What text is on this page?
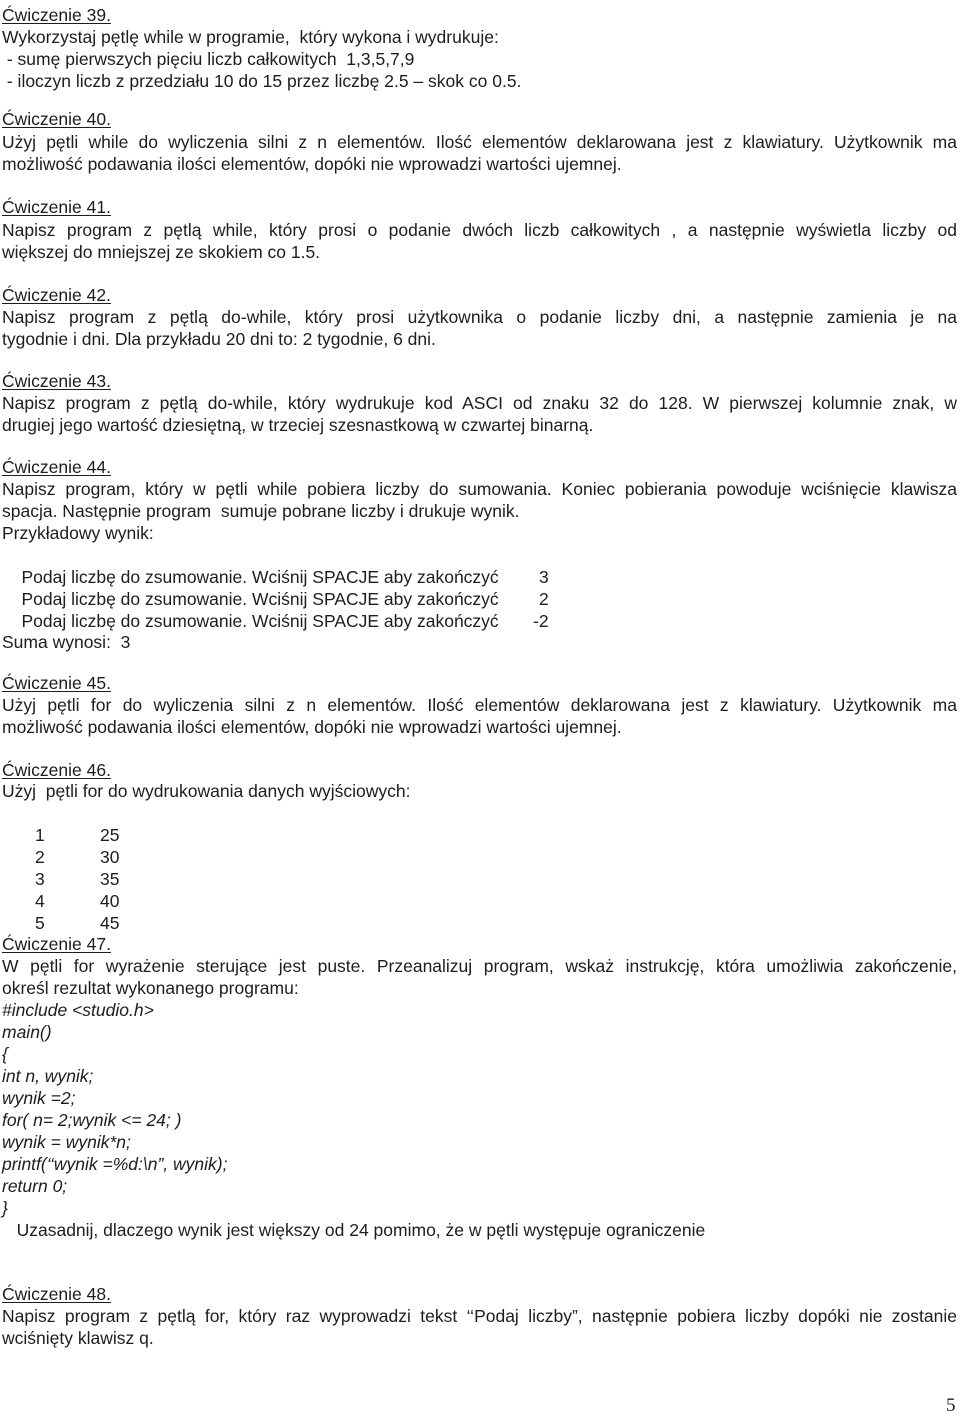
Ćwiczenie 39.
Wykorzystaj pętlę while w programie,  który wykona i wydrukuje:
- sumę pierwszych pięciu liczb całkowitych  1,3,5,7,9
- iloczyn liczb z przedziału 10 do 15 przez liczbę 2.5 – skok co 0.5.
Ćwiczenie 40.
Użyj pętli while do wyliczenia silni z n elementów. Ilość elementów deklarowana jest z klawiatury. Użytkownik ma
możliwość podawania ilości elementów, dopóki nie wprowadzi wartości ujemnej.
Ćwiczenie 41.
Napisz program z pętlą while, który prosi o podanie dwóch liczb całkowitych , a następnie wyświetla liczby od
większej do mniejszej ze skokiem co 1.5.
Ćwiczenie 42.
Napisz program z pętlą do-while, który prosi użytkownika o podanie liczby dni, a następnie zamienia je na
tygodnie i dni. Dla przykładu 20 dni to: 2 tygodnie, 6 dni.
Ćwiczenie 43.
Napisz program z pętlą do-while, który wydrukuje kod ASCI od znaku 32 do 128. W pierwszej kolumnie znak, w
drugiej jego wartość dziesiętną, w trzeciej szesnastkową w czwartej binarną.
Ćwiczenie 44.
Napisz program, który w pętli while pobiera liczby do sumowania. Koniec pobierania powoduje wciśnięcie klawisza
spacja. Następnie program  sumuje pobrane liczby i drukuje wynik.
Przykładowy wynik:

Podaj liczbę do zsumowanie. Wciśnij SPACJE aby zakończyć 3

Podaj liczbę do zsumowanie. Wciśnij SPACJE aby zakończyć 2

Podaj liczbę do zsumowanie. Wciśnij SPACJE aby zakończyć -2

Suma wynosi:  3
Ćwiczenie 45.
Użyj pętli for do wyliczenia silni z n elementów. Ilość elementów deklarowana jest z klawiatury. Użytkownik ma
możliwość podawania ilości elementów, dopóki nie wprowadzi wartości ujemnej.
Ćwiczenie 46.
Użyj  pętli for do wydrukowania danych wyjściowych:

1	25

2	30

3	35

4	40

5	45

Ćwiczenie 47.
W pętli for wyrażenie sterujące jest puste. Przeanalizuj program, wskaż instrukcję, która umożliwia zakończenie,
określ rezultat wykonanego programu:
#include <studio.h>
main()
{
int n, wynik;
wynik =2;
for( n= 2;wynik <= 24; )
wynik = wynik*n;
printf(‘‘wynik =%d:\n”, wynik);
return 0;
}
Uzasadnij, dlaczego wynik jest większy od 24 pomimo, że w pętli występuje ograniczenie
Ćwiczenie 48.
Napisz program z pętlą for, który raz wyprowadzi tekst ‘‘Podaj liczby”, następnie pobiera liczby dopóki nie zostanie
wciśnięty klawisz q.
5
